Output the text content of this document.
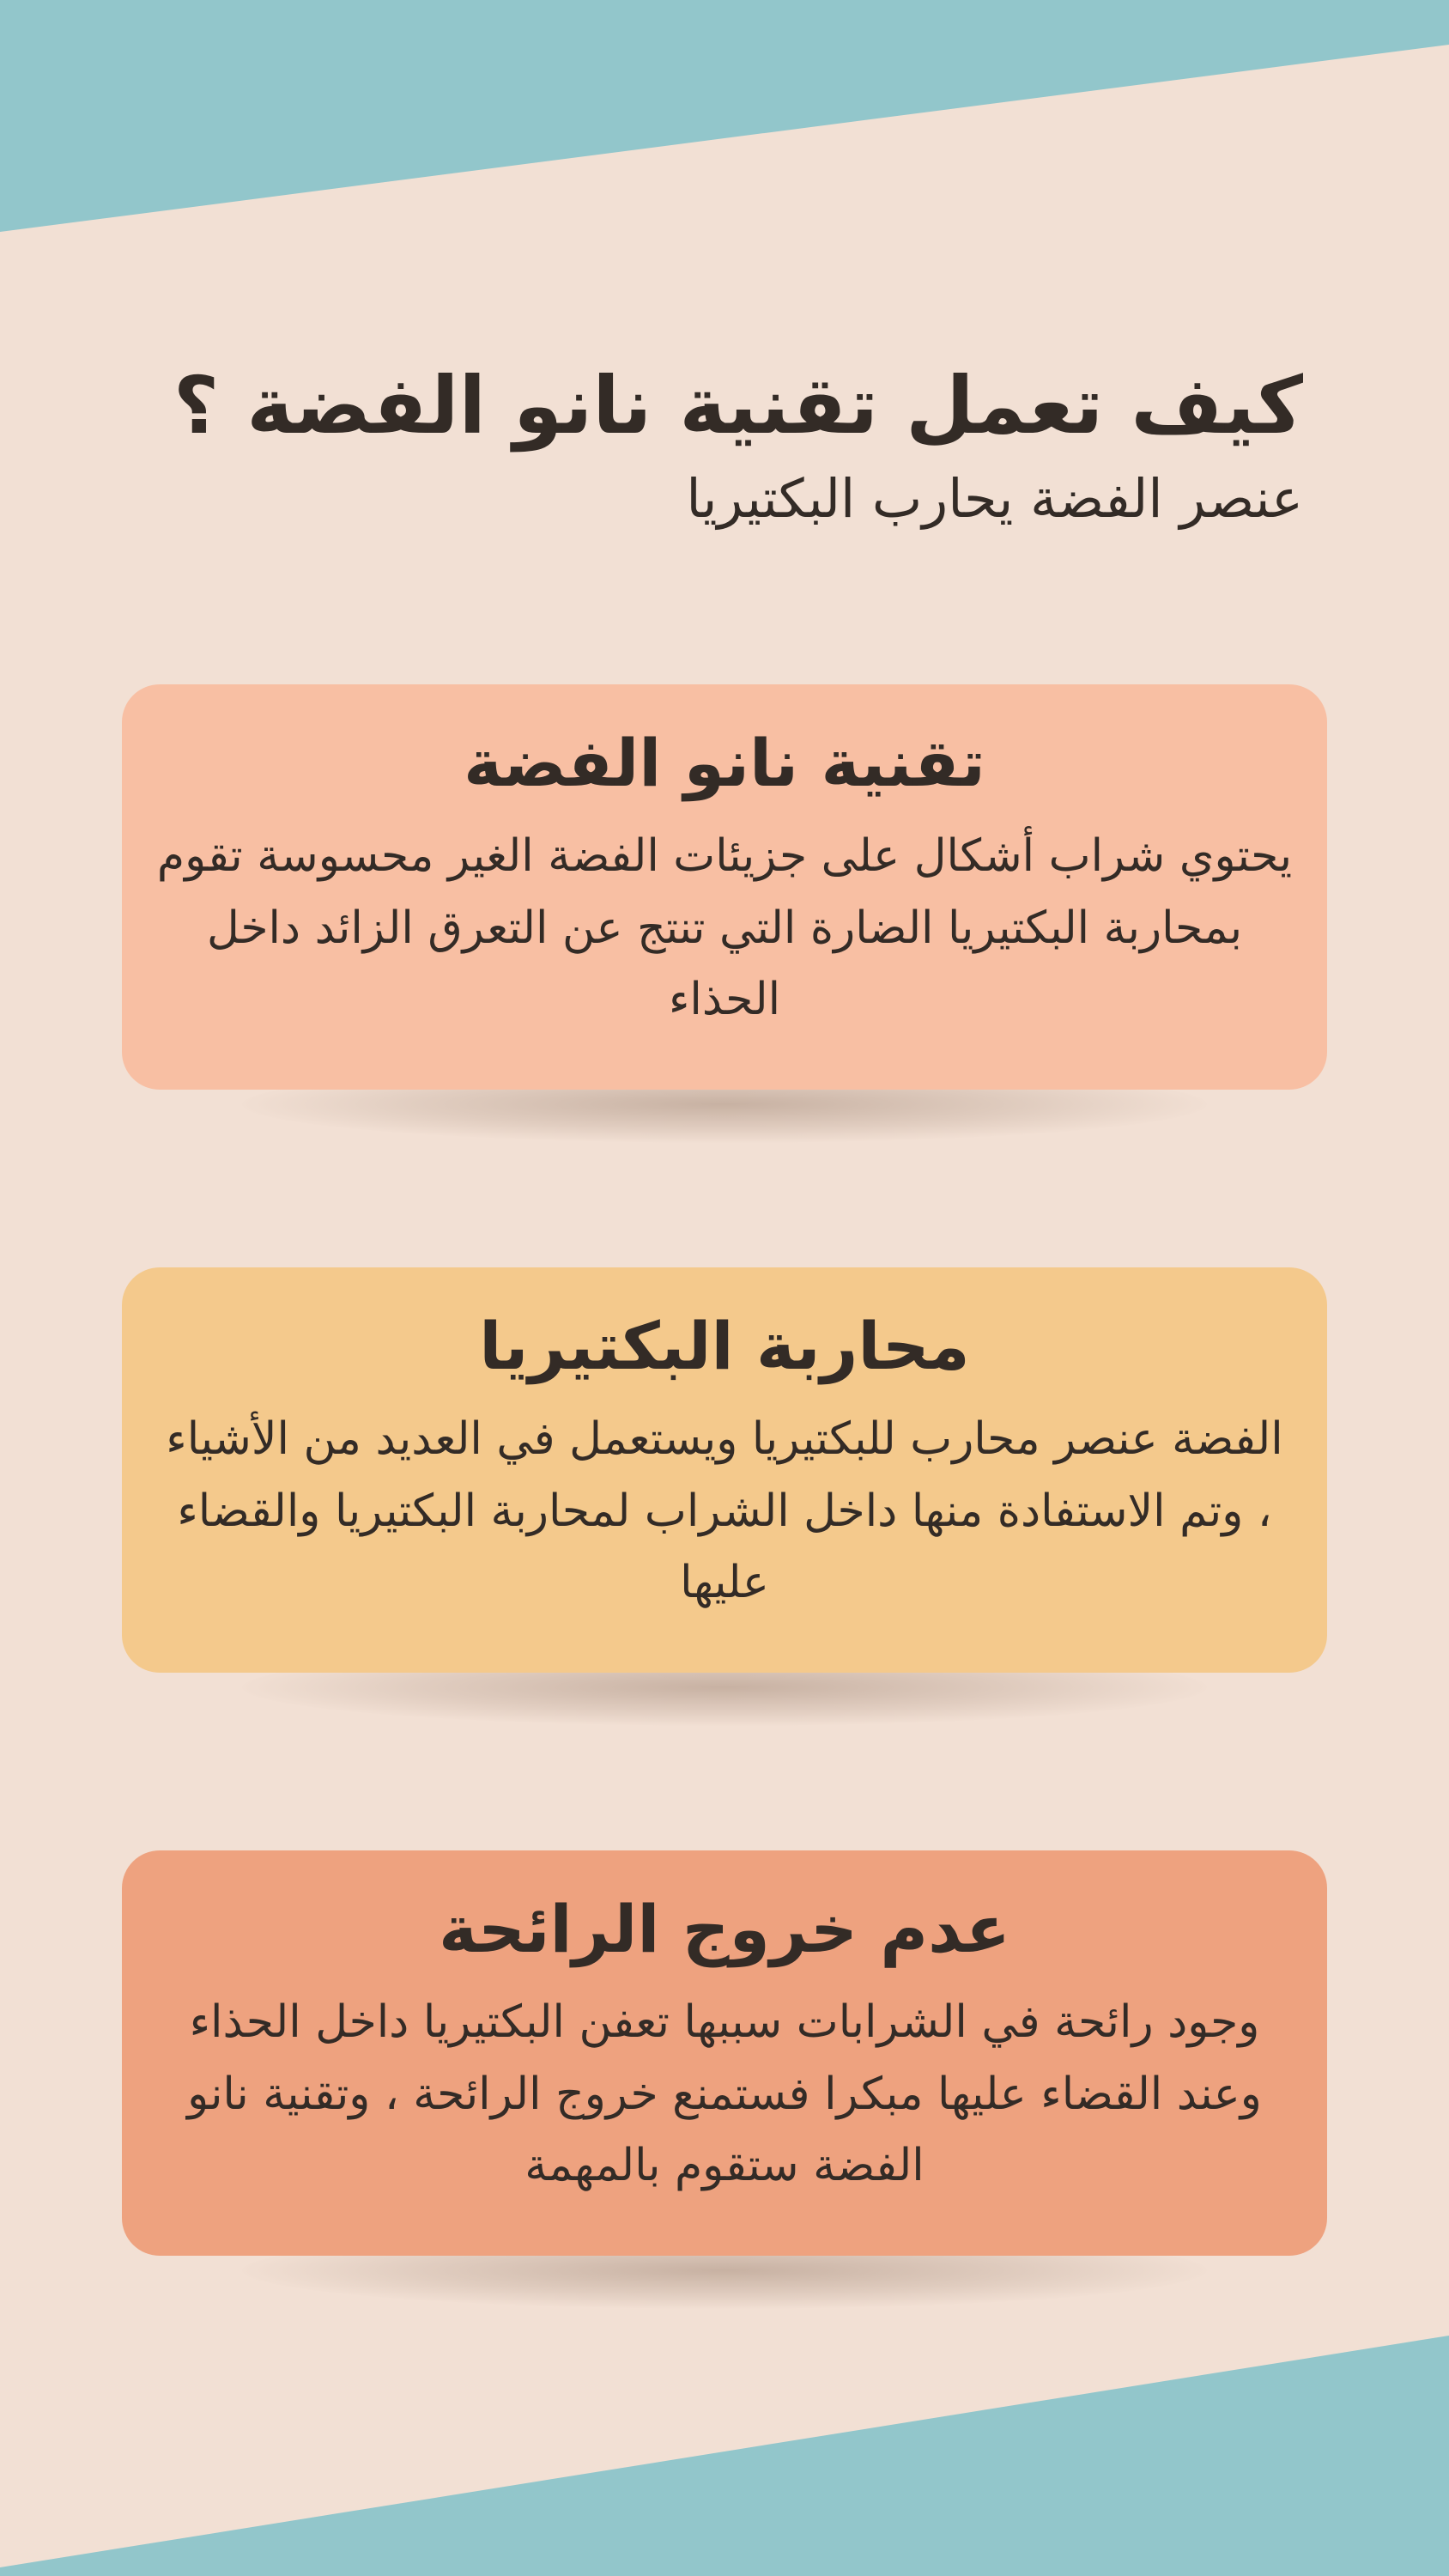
كيف تعمل تقنية نانو الفضة ؟
عنصر الفضة يحارب البكتيريا
تقنية نانو الفضة

يحتوي شراب أشكال على جزيئات الفضة الغير محسوسة تقوم بمحاربة البكتيريا الضارة التي تنتج عن التعرق الزائد داخل الحذاء

محاربة البكتيريا

الفضة عنصر محارب للبكتيريا ويستعمل في العديد من الأشياء ، وتم الاستفادة منها داخل الشراب لمحاربة البكتيريا والقضاء عليها

عدم خروج الرائحة

وجود رائحة في الشرابات سببها تعفن البكتيريا داخل الحذاء وعند القضاء عليها مبكرا فستمنع خروج الرائحة ، وتقنية نانو الفضة ستقوم بالمهمة
